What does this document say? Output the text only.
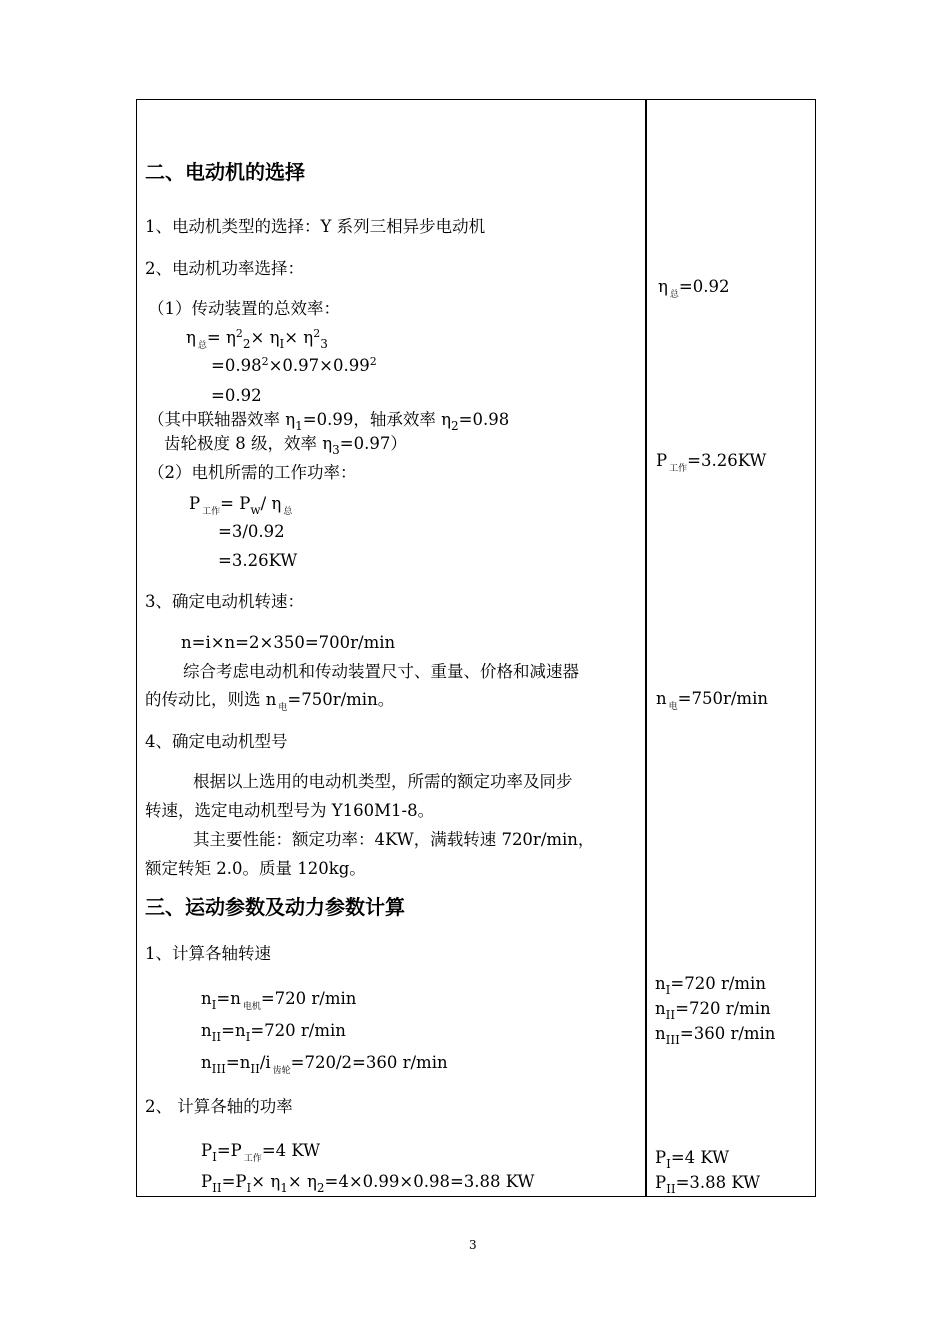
二、电动机的选择
1、电动机类型的选择：Y 系列三相异步电动机
2、电动机功率选择：
（1）传动装置的总效率：
η $_总= \eta^2_2\times \eta_I\times \eta^2_3$
$=0.98^2\times 0.97\times 0.99^2$
=0.92
（其中联轴器效率 $\eta_1=0.99$，轴承效率 $\eta_2=0.98$
齿轮极度 8 级，效率 $\eta_3=0.97$）
（2）电机所需的工作功率：
P $_{工作}= P_w/$ η $_总$
=3/0.92
=3.26KW
3、确定电动机转速：
n=i×n=2×350=700r/min
综合考虑电动机和传动装置尺寸、重量、价格和减速器
的传动比，则选 n $_电$=750r/min。
4、确定电动机型号
根据以上选用的电动机类型，所需的额定功率及同步
转速，选定电动机型号为 Y160M1-8。
其主要性能：额定功率：4KW，满载转速 720r/min，
额定转矩 2.0。质量 120kg。
三、运动参数及动力参数计算
1、计算各轴转速
$n_I=n$ $_{电机}$=720 r/min
$n_{II}=n_I=720$ r/min
$n_{III}=n_{II}/i$ $_{齿轮}$=720/2=360 r/min
2、 计算各轴的功率
$P_I=P$ $_{工作}$=4 KW
$P_{II}=P_I\times \eta_1\times \eta_2=4\times 0.99\times 0.98=3.88$ KW
η $_总$=0.92
P $_{工作}$=3.26KW
n $_电$=750r/min
$n_I=720$ r/min
$n_{II}=720$ r/min
$n_{III}=360$ r/min
$P_I=4$ KW
$P_{II}=3.88$ KW
3
